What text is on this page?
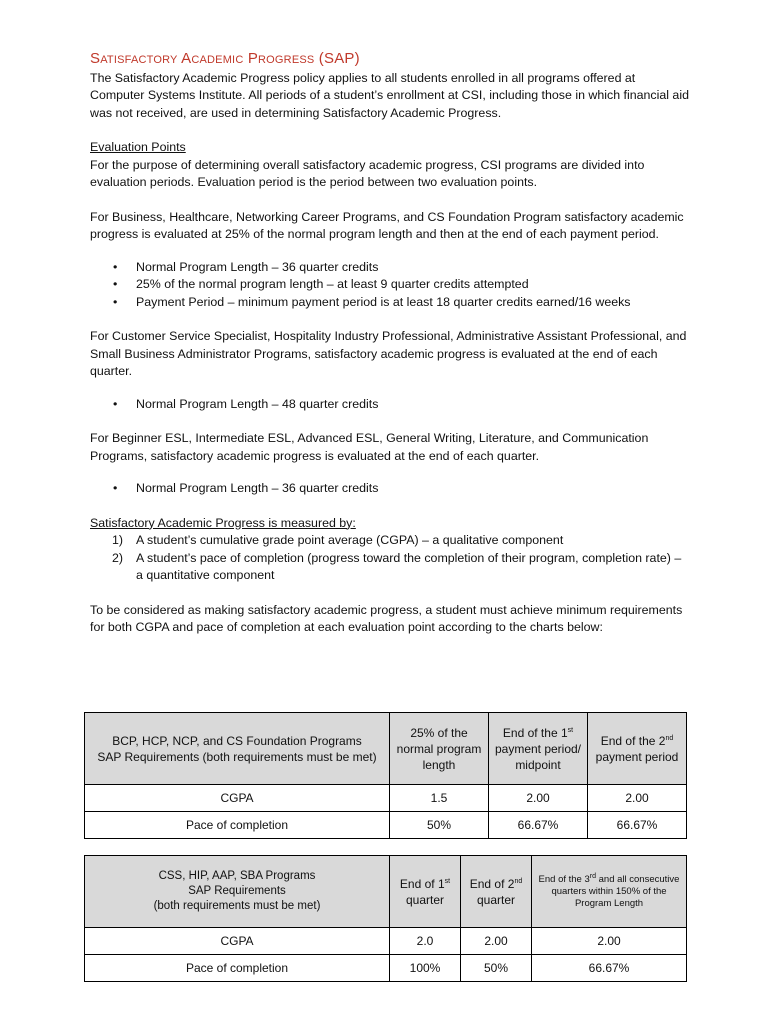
Satisfactory Academic Progress (SAP)

The Satisfactory Academic Progress policy applies to all students enrolled in all programs offered at Computer Systems Institute. All periods of a student’s enrollment at CSI, including those in which financial aid was not received, are used in determining Satisfactory Academic Progress.

Evaluation Points

For the purpose of determining overall satisfactory academic progress, CSI programs are divided into evaluation periods. Evaluation period is the period between two evaluation points.

For Business, Healthcare, Networking Career Programs, and CS Foundation Program satisfactory academic progress is evaluated at 25% of the normal program length and then at the end of each payment period.

• Normal Program Length – 36 quarter credits
• 25% of the normal program length – at least 9 quarter credits attempted
• Payment Period – minimum payment period is at least 18 quarter credits earned/16 weeks

For Customer Service Specialist, Hospitality Industry Professional, Administrative Assistant Professional, and Small Business Administrator Programs, satisfactory academic progress is evaluated at the end of each quarter.

• Normal Program Length – 48 quarter credits

For Beginner ESL, Intermediate ESL, Advanced ESL, General Writing, Literature, and Communication Programs, satisfactory academic progress is evaluated at the end of each quarter.

• Normal Program Length – 36 quarter credits

Satisfactory Academic Progress is measured by:

1) A student’s cumulative grade point average (CGPA) – a qualitative component
2) A student’s pace of completion (progress toward the completion of their program, completion rate) – a quantitative component

To be considered as making satisfactory academic progress, a student must achieve minimum requirements for both CGPA and pace of completion at each evaluation point according to the charts below:

BCP, HCP, NCP, and CS Foundation Programs
SAP Requirements (both requirements must be met)	25% of the normal program length	End of the 1st payment period/ midpoint	End of the 2nd payment period
CGPA	1.5	2.00	2.00
Pace of completion	50%	66.67%	66.67%
CSS, HIP, AAP, SBA Programs
SAP Requirements
(both requirements must be met)	End of 1st quarter	End of 2nd quarter	End of the 3rd and all consecutive quarters within 150% of the Program Length
CGPA	2.0	2.00	2.00
Pace of completion	100%	50%	66.67%
